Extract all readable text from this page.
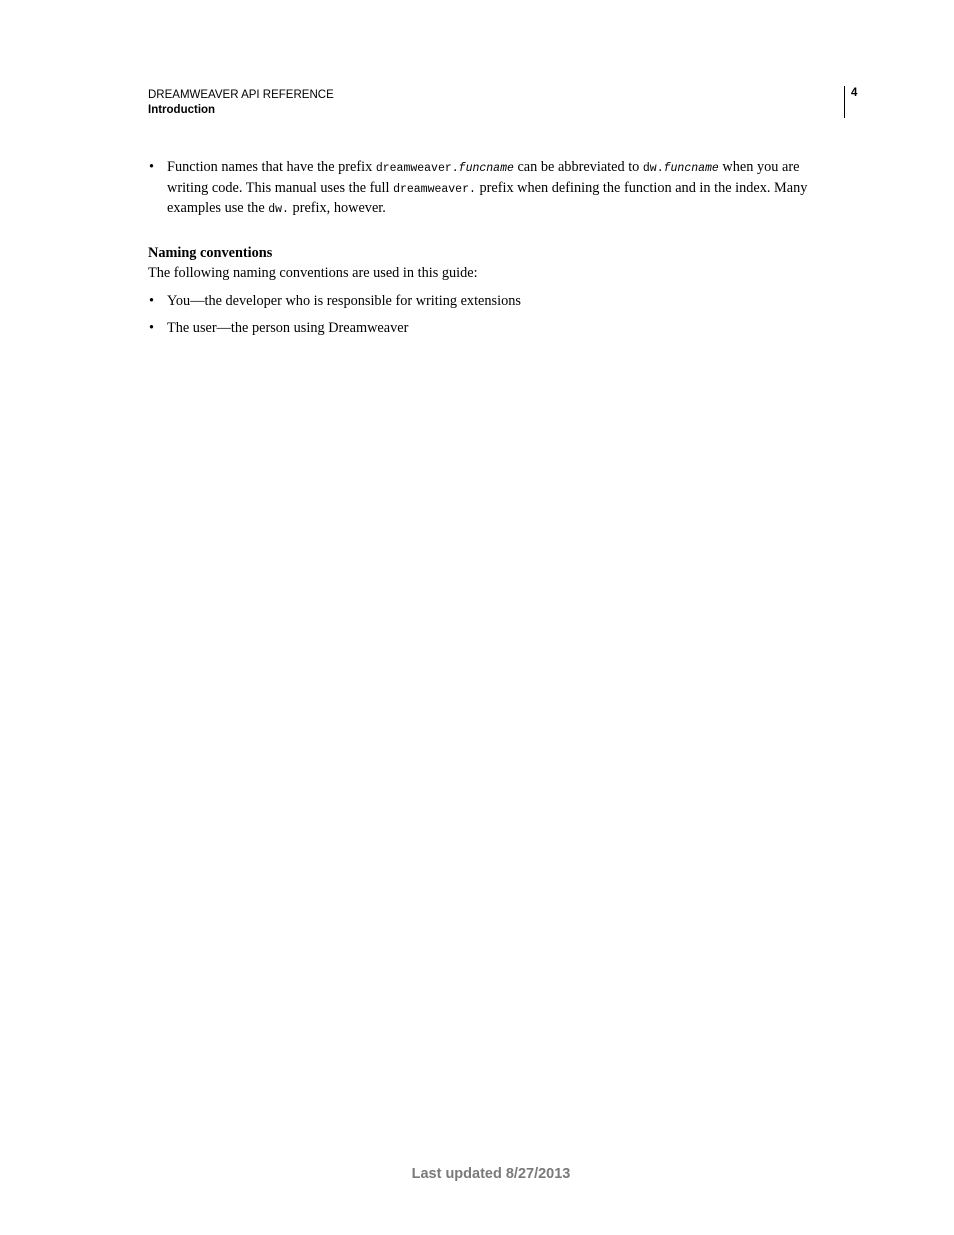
DREAMWEAVER API REFERENCE
Introduction
4
• Function names that have the prefix dreamweaver.funcname can be abbreviated to dw.funcname when you are writing code. This manual uses the full dreamweaver. prefix when defining the function and in the index. Many examples use the dw. prefix, however.
Naming conventions

The following naming conventions are used in this guide:

• You—the developer who is responsible for writing extensions
• The user—the person using Dreamweaver
Last updated 8/27/2013
